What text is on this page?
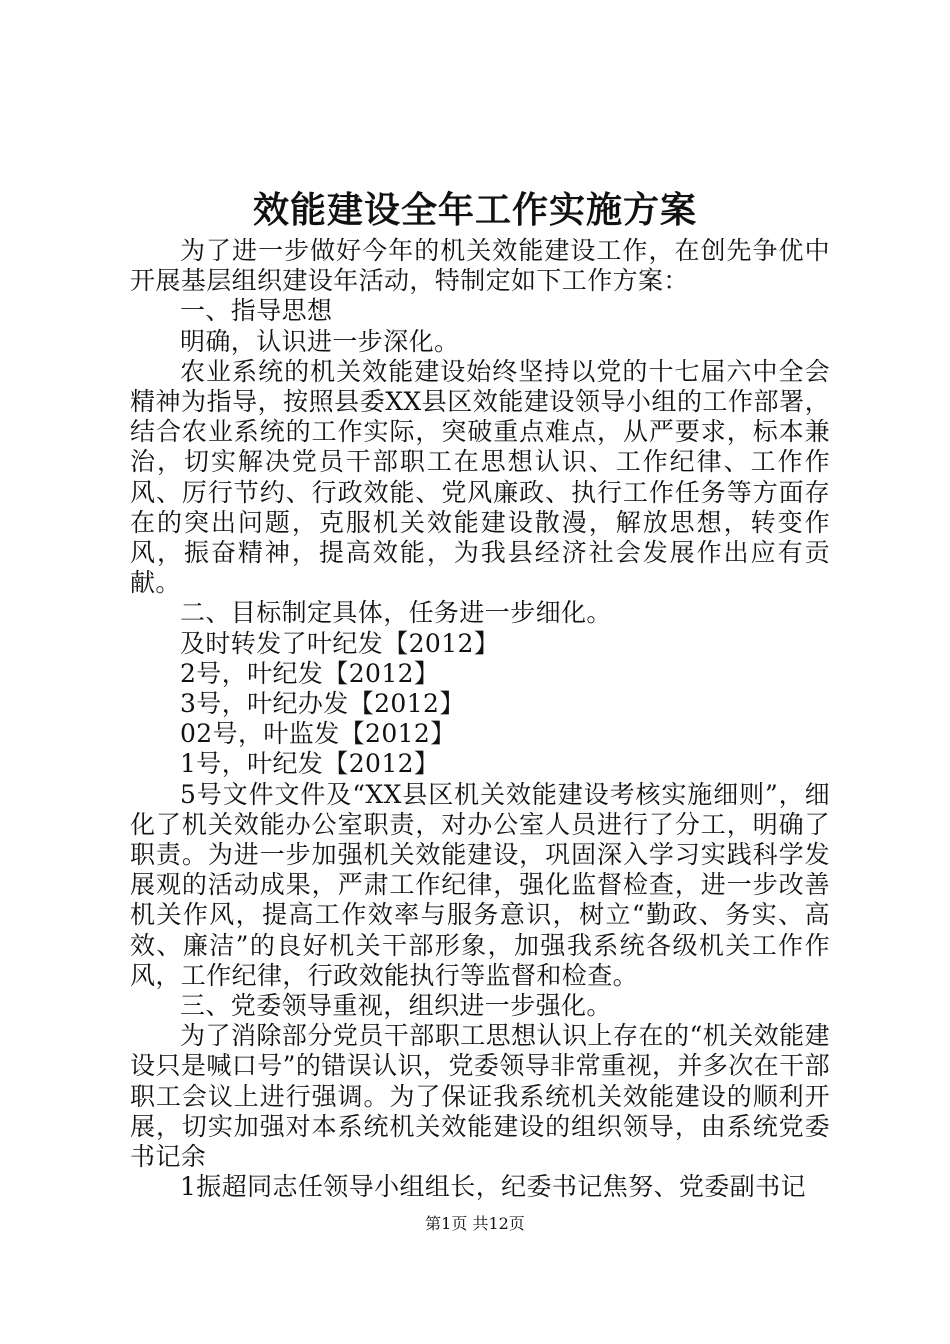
效能建设全年工作实施方案

为了进一步做好今年的机关效能建设工作，在创先争优中开展基层组织建设年活动，特制定如下工作方案：

一、指导思想

明确，认识进一步深化。

农业系统的机关效能建设始终坚持以党的十七届六中全会精神为指导，按照县委XX县区效能建设领导小组的工作部署，结合农业系统的工作实际，突破重点难点，从严要求，标本兼治，切实解决党员干部职工在思想认识、工作纪律、工作作风、厉行节约、行政效能、党风廉政、执行工作任务等方面存在的突出问题，克服机关效能建设散漫，解放思想，转变作风，振奋精神，提高效能，为我县经济社会发展作出应有贡献。

二、目标制定具体，任务进一步细化。

及时转发了叶纪发【2012】

2号，叶纪发【2012】

3号，叶纪办发【2012】

02号，叶监发【2012】

1号，叶纪发【2012】

5号文件文件及“XX县区机关效能建设考核实施细则”，细化了机关效能办公室职责，对办公室人员进行了分工，明确了职责。为进一步加强机关效能建设，巩固深入学习实践科学发展观的活动成果，严肃工作纪律，强化监督检查，进一步改善机关作风，提高工作效率与服务意识，树立“勤政、务实、高效、廉洁”的良好机关干部形象，加强我系统各级机关工作作风，工作纪律，行政效能执行等监督和检查。

三、党委领导重视，组织进一步强化。

为了消除部分党员干部职工思想认识上存在的“机关效能建设只是喊口号”的错误认识，党委领导非常重视，并多次在干部职工会议上进行强调。为了保证我系统机关效能建设的顺利开展，切实加强对本系统机关效能建设的组织领导，由系统党委书记余

1振超同志任领导小组组长，纪委书记焦努、党委副书记

第1页 共12页
